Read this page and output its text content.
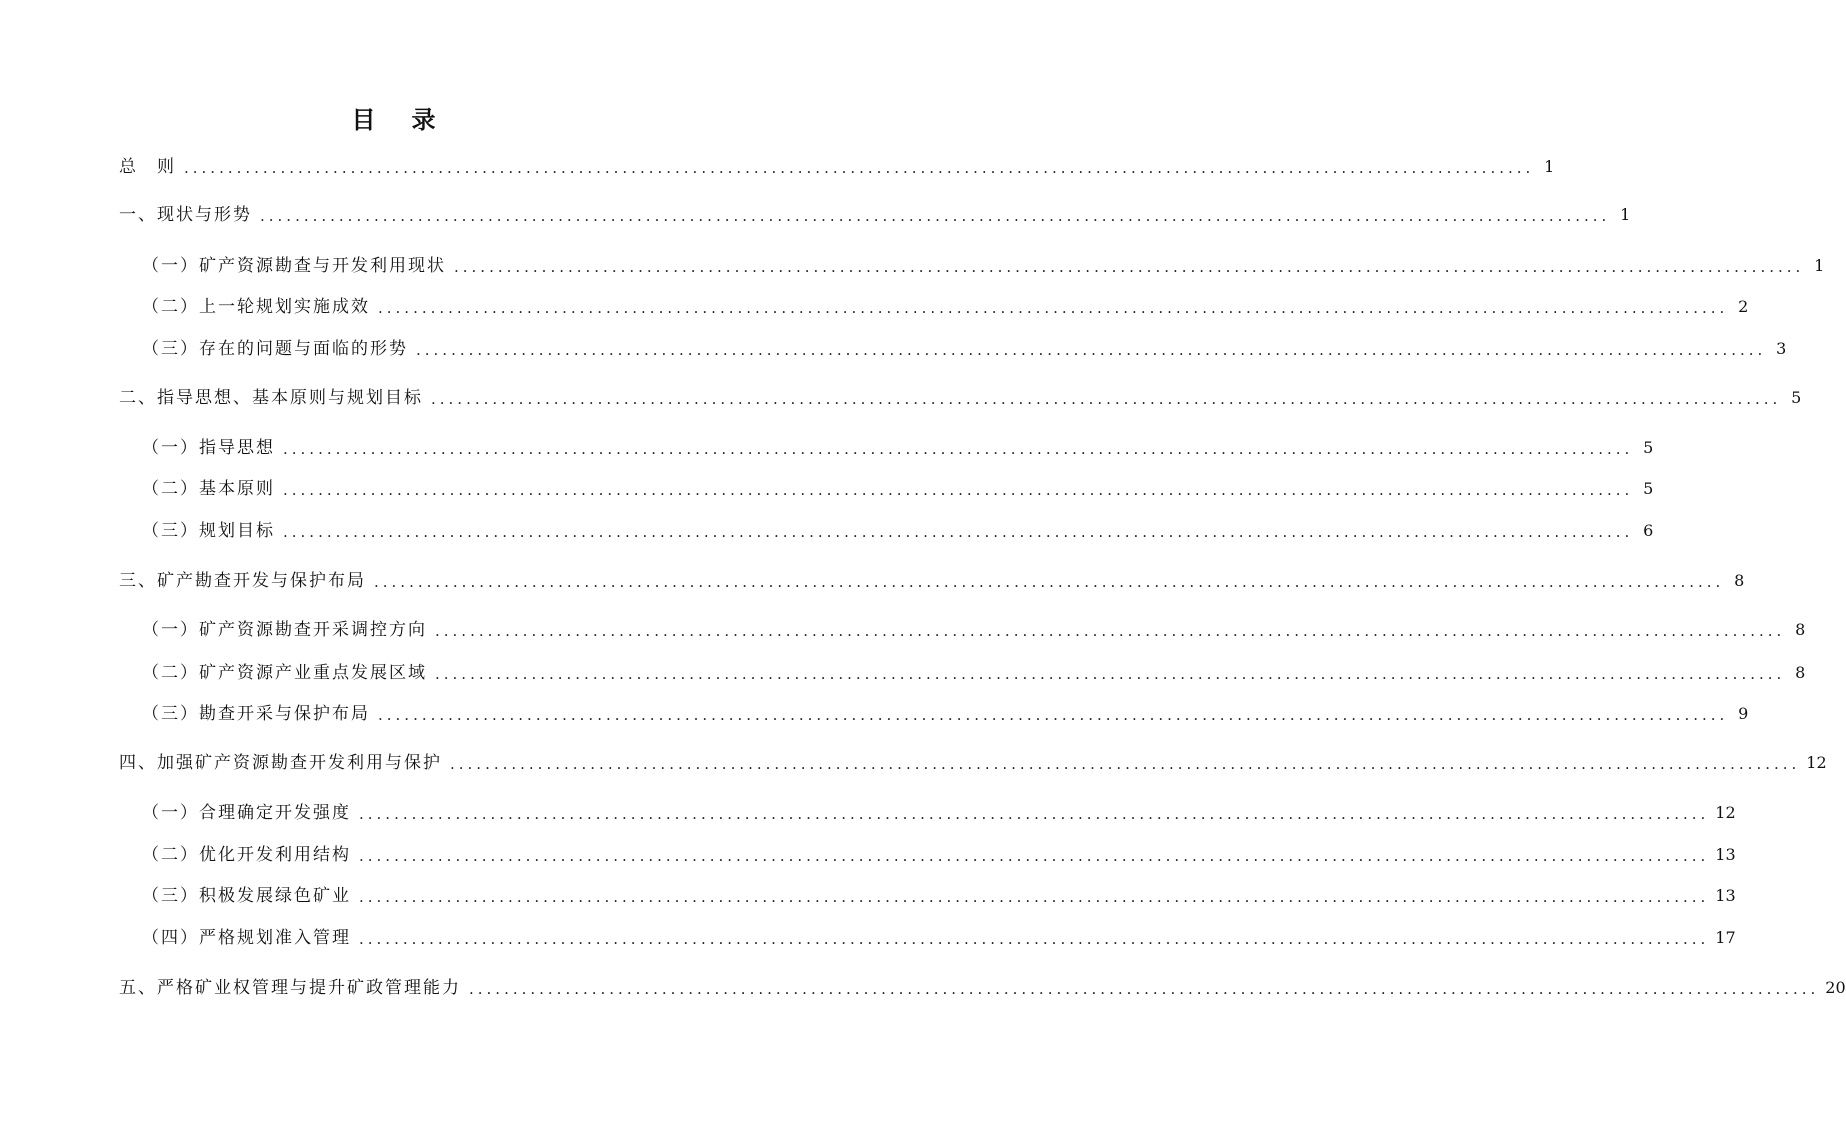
目　录
总　则 .......................................................................................................................................................... 1
一、现状与形势 .......................................................................................................................................................... 1
（一）矿产资源勘查与开发利用现状 .......................................................................................................................................................... 1
（二）上一轮规划实施成效 .......................................................................................................................................................... 2
（三）存在的问题与面临的形势 .......................................................................................................................................................... 3
二、指导思想、基本原则与规划目标 .......................................................................................................................................................... 5
（一）指导思想 .......................................................................................................................................................... 5
（二）基本原则 .......................................................................................................................................................... 5
（三）规划目标 .......................................................................................................................................................... 6
三、矿产勘查开发与保护布局 .......................................................................................................................................................... 8
（一）矿产资源勘查开采调控方向 .......................................................................................................................................................... 8
（二）矿产资源产业重点发展区域 .......................................................................................................................................................... 8
（三）勘查开采与保护布局 .......................................................................................................................................................... 9
四、加强矿产资源勘查开发利用与保护 .......................................................................................................................................................... 12
（一）合理确定开发强度 .......................................................................................................................................................... 12
（二）优化开发利用结构 .......................................................................................................................................................... 13
（三）积极发展绿色矿业 .......................................................................................................................................................... 13
（四）严格规划准入管理 .......................................................................................................................................................... 17
五、严格矿业权管理与提升矿政管理能力 .......................................................................................................................................................... 20
